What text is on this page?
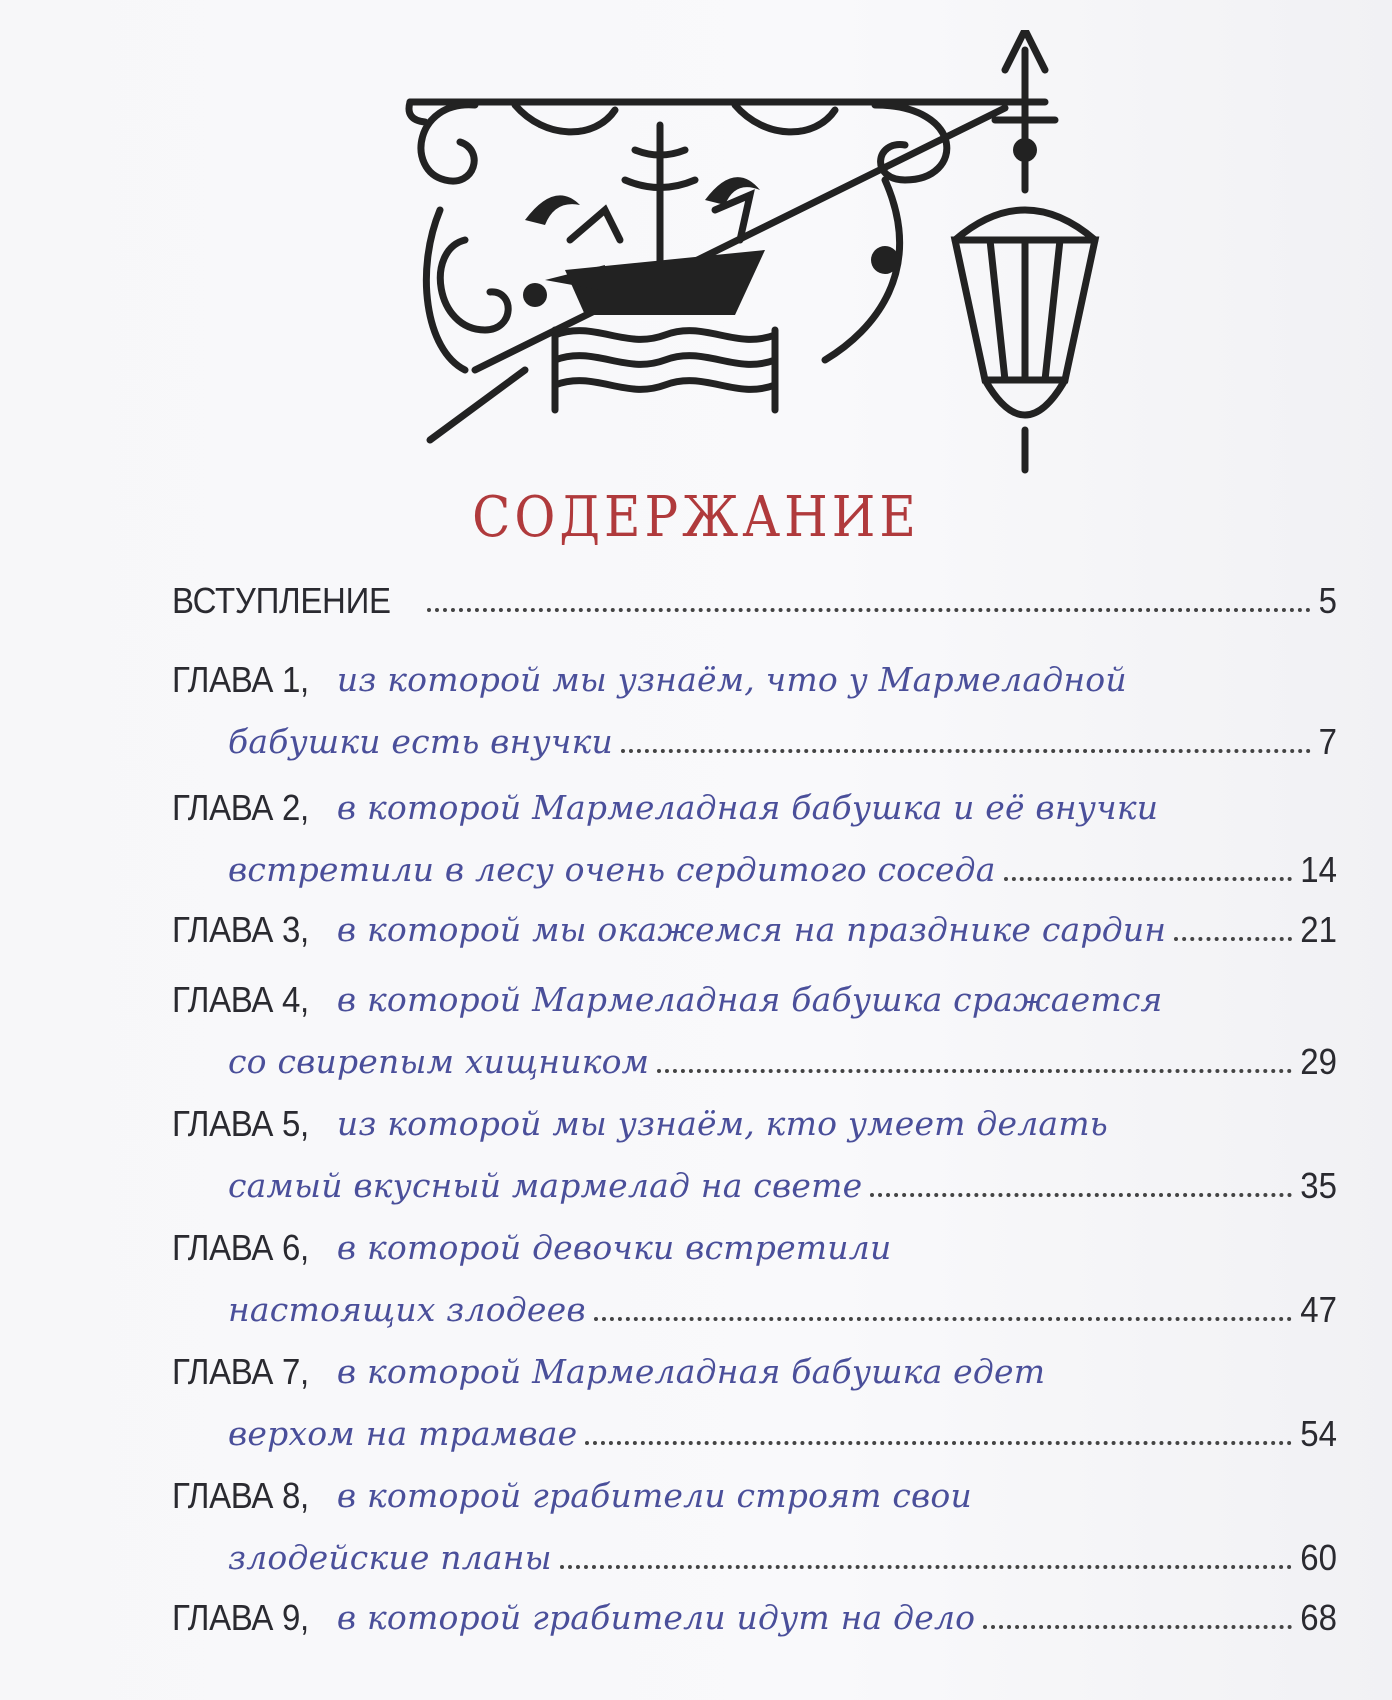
СОДЕРЖАНИЕ
ВСТУПЛЕНИЕ	5
ГЛАВА 1, из которой мы узнаём, что у Мармеладной
бабушки есть внучки	7
ГЛАВА 2, в которой Мармеладная бабушка и её внучки
встретили в лесу очень сердитого соседа	14
ГЛАВА 3, в которой мы окажемся на празднике сардин	21
ГЛАВА 4, в которой Мармеладная бабушка сражается
со свирепым хищником	29
ГЛАВА 5, из которой мы узнаём, кто умеет делать
самый вкусный мармелад на свете	35
ГЛАВА 6, в которой девочки встретили
настоящих злодеев	47
ГЛАВА 7, в которой Мармеладная бабушка едет
верхом на трамвае	54
ГЛАВА 8, в которой грабители строят свои
злодейские планы	60
ГЛАВА 9, в которой грабители идут на дело	68
